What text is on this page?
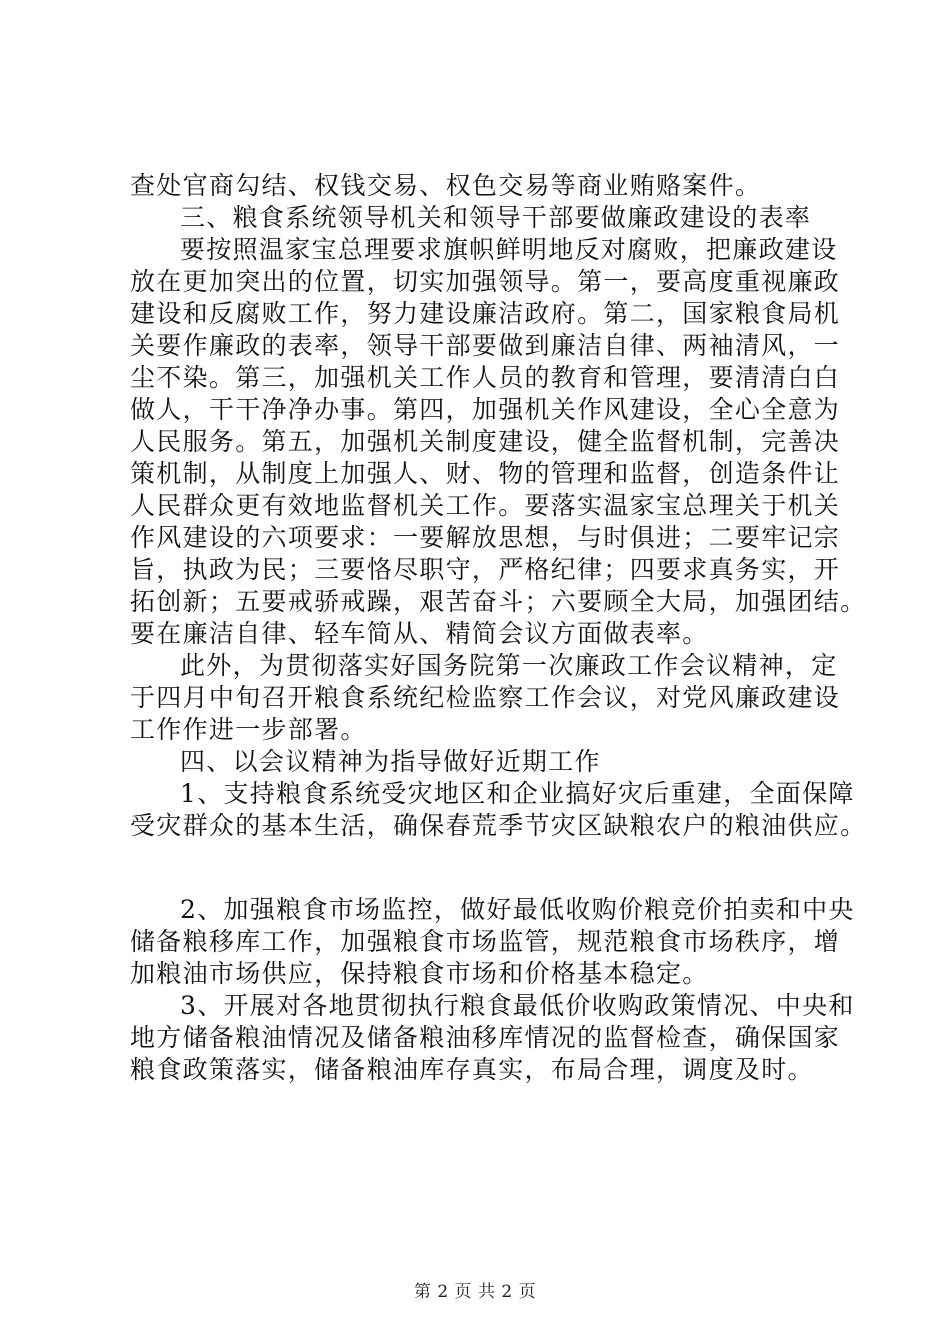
查处官商勾结、权钱交易、权色交易等商业贿赂案件。
三、粮食系统领导机关和领导干部要做廉政建设的表率
要按照温家宝总理要求旗帜鲜明地反对腐败，把廉政建设
放在更加突出的位置，切实加强领导。第一，要高度重视廉政
建设和反腐败工作，努力建设廉洁政府。第二，国家粮食局机
关要作廉政的表率，领导干部要做到廉洁自律、两袖清风，一
尘不染。第三，加强机关工作人员的教育和管理，要清清白白
做人，干干净净办事。第四，加强机关作风建设，全心全意为
人民服务。第五，加强机关制度建设，健全监督机制，完善决
策机制，从制度上加强人、财、物的管理和监督，创造条件让
人民群众更有效地监督机关工作。要落实温家宝总理关于机关
作风建设的六项要求：一要解放思想，与时俱进；二要牢记宗
旨，执政为民；三要恪尽职守，严格纪律；四要求真务实，开
拓创新；五要戒骄戒躁，艰苦奋斗；六要顾全大局，加强团结。
要在廉洁自律、轻车简从、精简会议方面做表率。
此外，为贯彻落实好国务院第一次廉政工作会议精神，定
于四月中旬召开粮食系统纪检监察工作会议，对党风廉政建设
工作作进一步部署。
四、以会议精神为指导做好近期工作
1、支持粮食系统受灾地区和企业搞好灾后重建，全面保障
受灾群众的基本生活，确保春荒季节灾区缺粮农户的粮油供应。
2、加强粮食市场监控，做好最低收购价粮竞价拍卖和中央
储备粮移库工作，加强粮食市场监管，规范粮食市场秩序，增
加粮油市场供应，保持粮食市场和价格基本稳定。
3、开展对各地贯彻执行粮食最低价收购政策情况、中央和
地方储备粮油情况及储备粮油移库情况的监督检查，确保国家
粮食政策落实，储备粮油库存真实，布局合理，调度及时。
第 2 页 共 2 页
